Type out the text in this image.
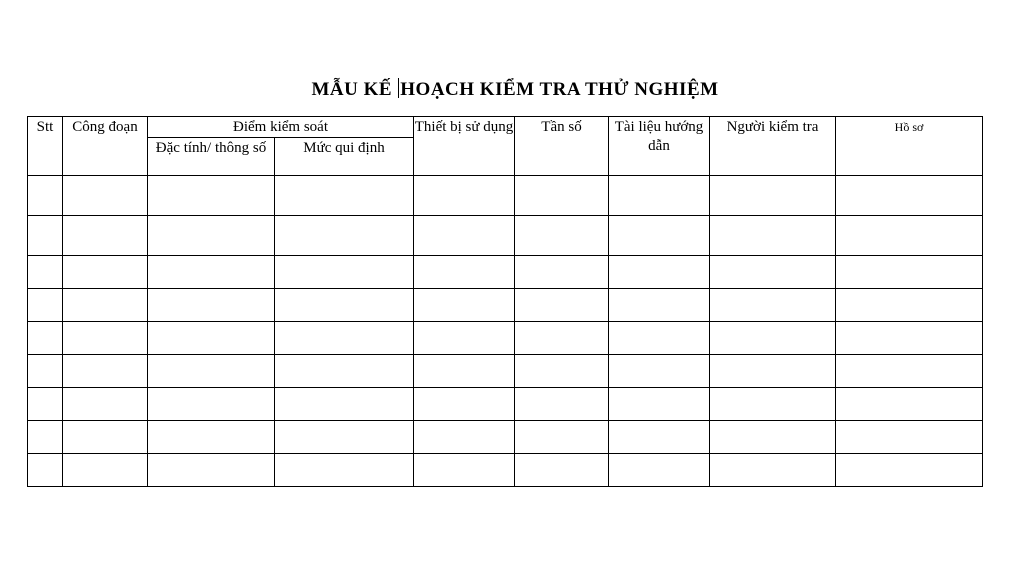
MẪU KẾ HOẠCH KIỂM TRA THỬ NGHIỆM
Stt	Công đoạn	Điểm kiểm soát		Thiết bị sử dụng	Tần số	Tài liệu hướng dẫn	Người kiểm tra	Hồ sơ

		Đặc tính/ thông số	Mức qui định					
